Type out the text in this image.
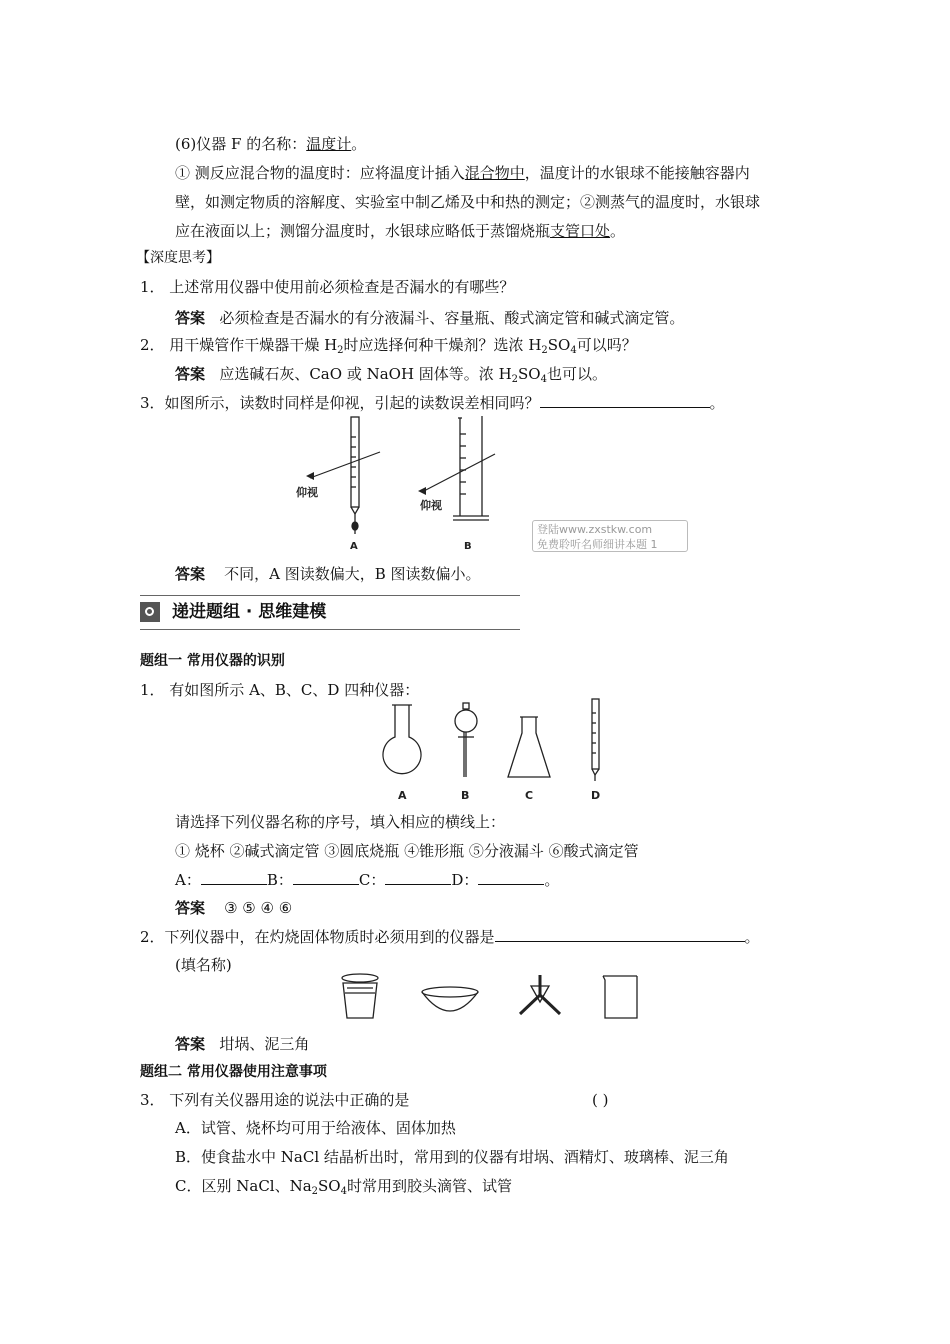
(6)仪器 F 的名称：温度计。
① 测反应混合物的温度时：应将温度计插入混合物中，温度计的水银球不能接触容器内
壁，如测定物质的溶解度、实验室中制乙烯及中和热的测定；②测蒸气的温度时，水银球
应在液面以上；测馏分温度时，水银球应略低于蒸馏烧瓶支管口处。
【深度思考】
1． 上述常用仪器中使用前必须检查是否漏水的有哪些？
答案 必须检查是否漏水的有分液漏斗、容量瓶、酸式滴定管和碱式滴定管。
2． 用干燥管作干燥器干燥 $H_2$时应选择何种干燥剂？选浓 $H_2SO_4$可以吗？
答案 应选碱石灰、CaO 或 NaOH 固体等。浓 $H_2SO_4$也可以。
3．如图所示，读数时同样是仰视，引起的读数误差相同吗？	。
仰视
A
仰视
B
登陆www.zxstkw.com
免费聆听名师细讲本题 1
答案 不同，A 图读数偏大，B 图读数偏小。
递进题组 · 思维建模
题组一 常用仪器的识别
1． 有如图所示 A、B、C、D 四种仪器：
A	B	C	D
请选择下列仪器名称的序号，填入相应的横线上：
① 烧杯 ②碱式滴定管 ③圆底烧瓶 ④锥形瓶 ⑤分液漏斗 ⑥酸式滴定管
A：	B：	C：	D：	。
答案 ③ ⑤ ④ ⑥
2．下列仪器中，在灼烧固体物质时必须用到的仪器是	。
(填名称)
答案 坩埚、泥三角
题组二 常用仪器使用注意事项
3． 下列有关仪器用途的说法中正确的是	( )
A．试管、烧杯均可用于给液体、固体加热
B．使食盐水中 NaCl 结晶析出时，常用到的仪器有坩埚、酒精灯、玻璃棒、泥三角
C．区别 NaCl、$Na_2SO_4$时常用到胶头滴管、试管
